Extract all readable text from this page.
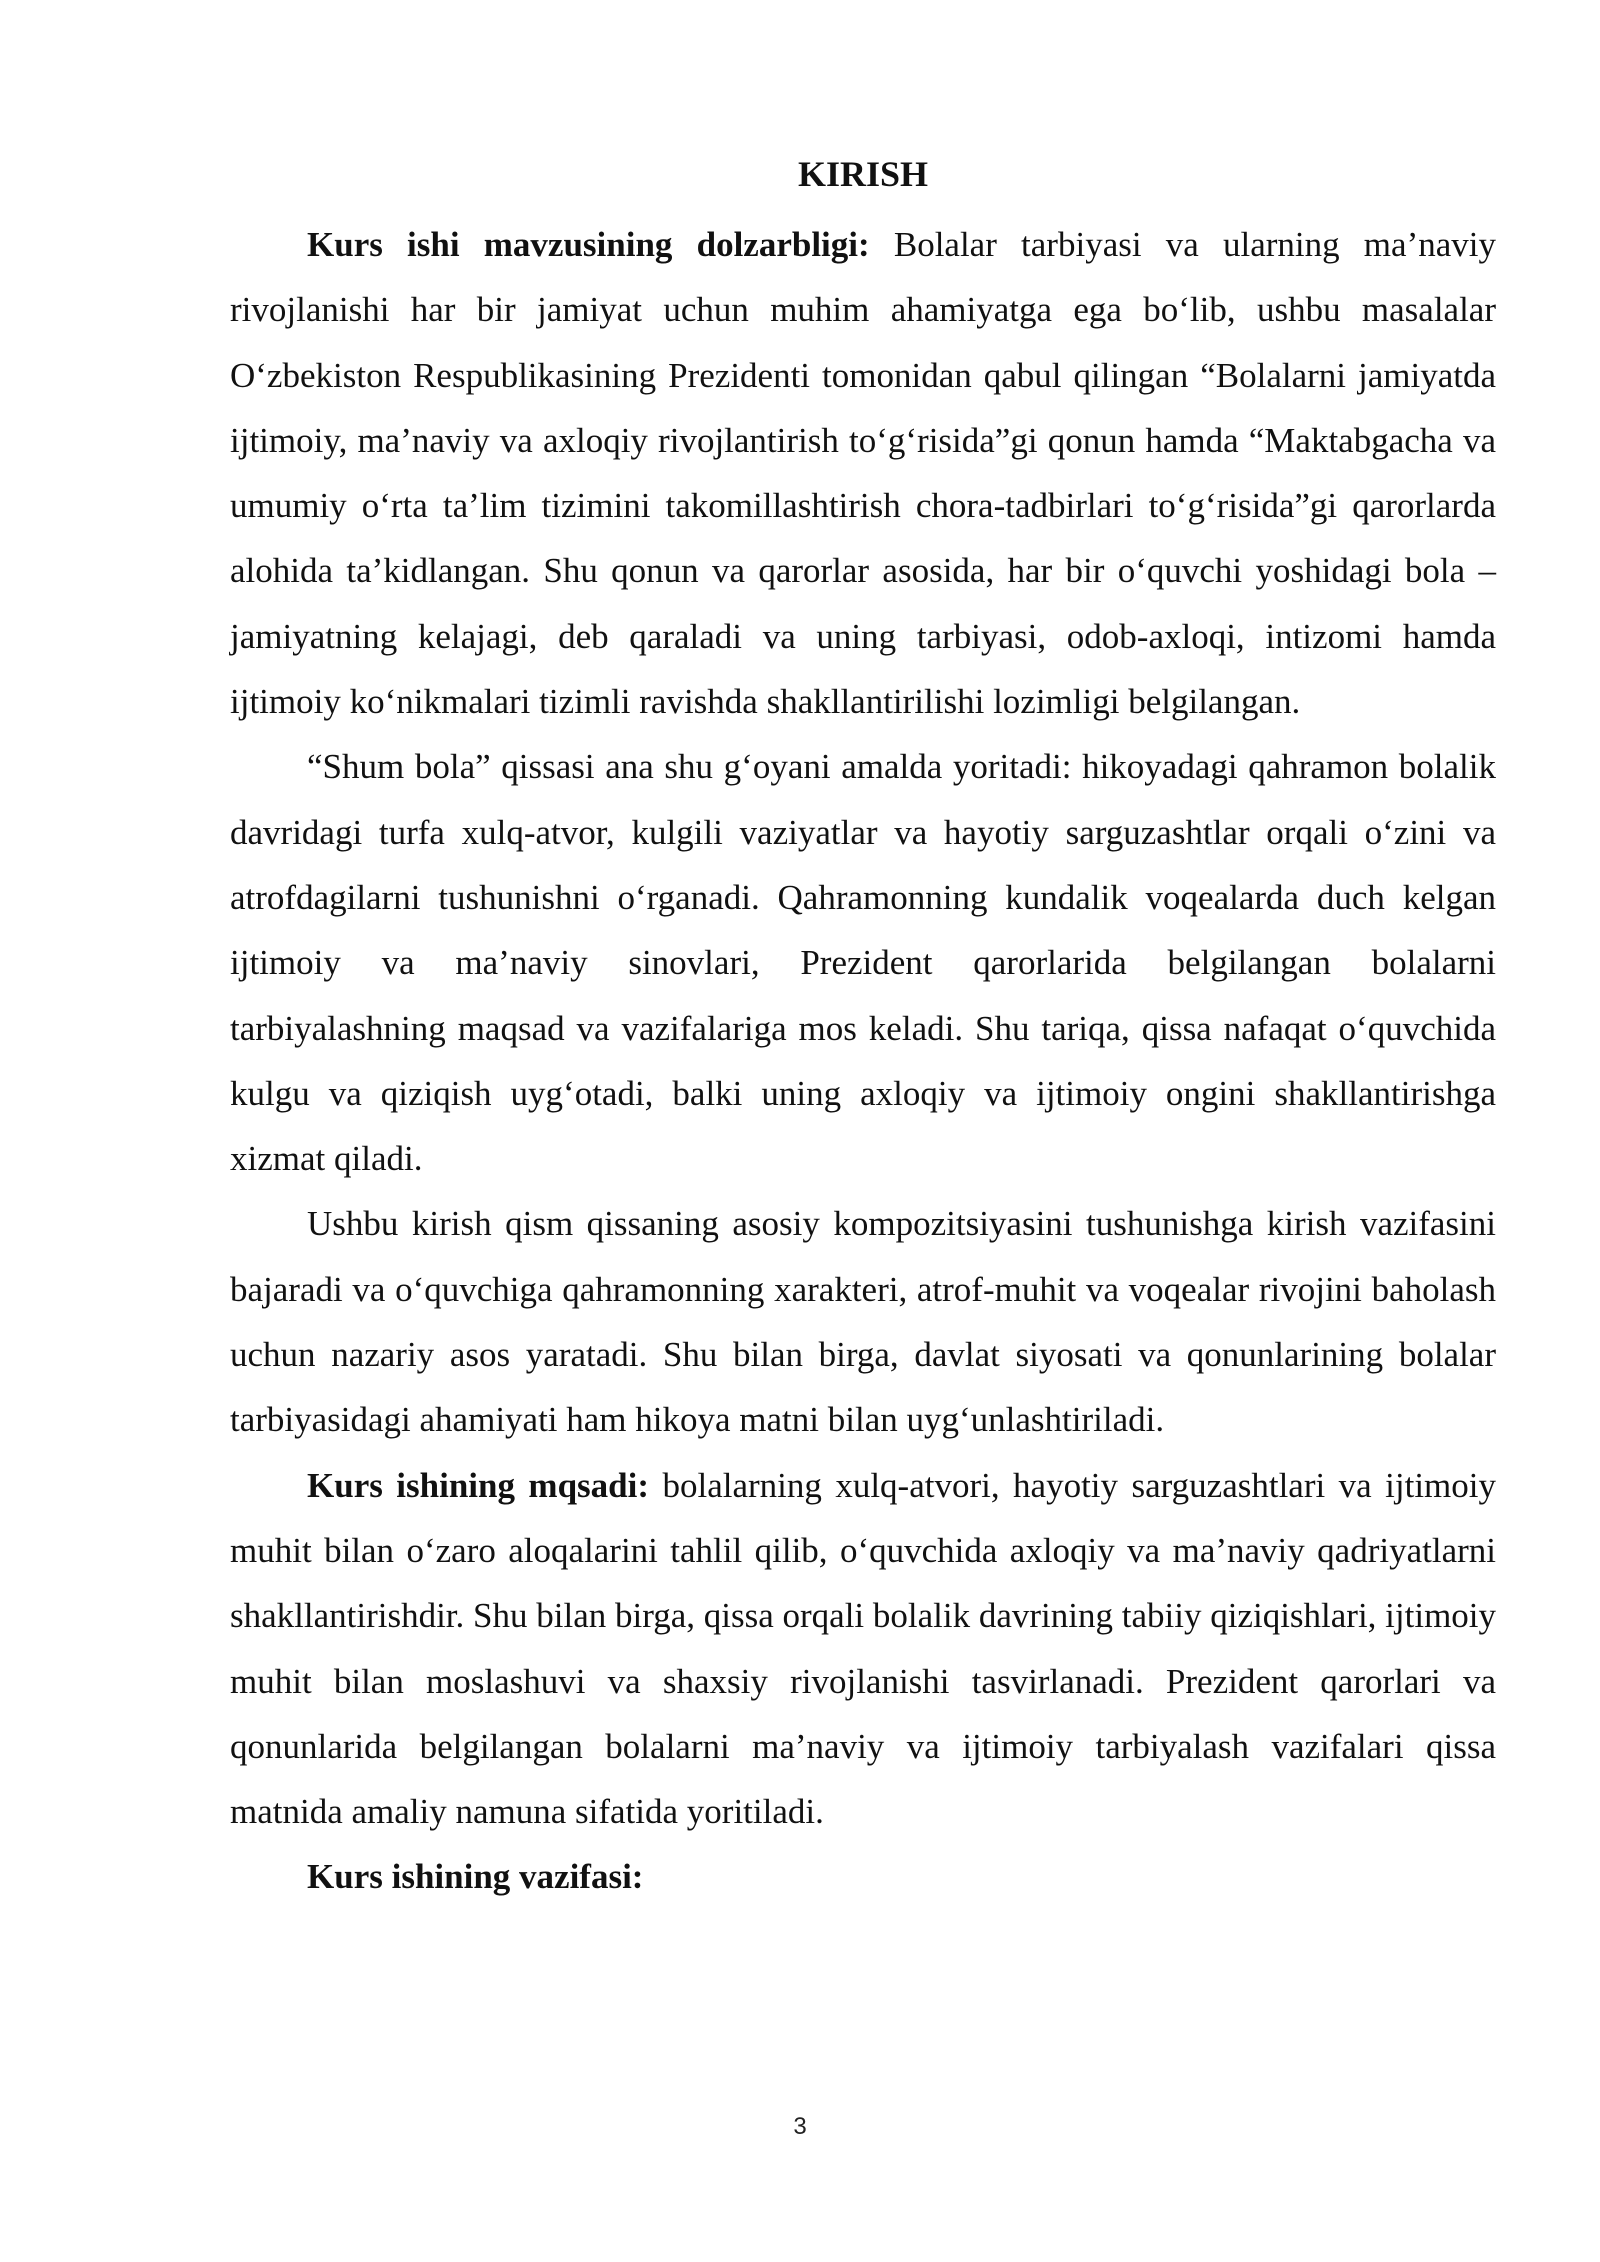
KIRISH

Kurs ishi mavzusining dolzarbligi: Bolalar tarbiyasi va ularning ma’naviy rivojlanishi har bir jamiyat uchun muhim ahamiyatga ega bo‘lib, ushbu masalalar O‘zbekiston Respublikasining Prezidenti tomonidan qabul qilingan “Bolalarni jamiyatda ijtimoiy, ma’naviy va axloqiy rivojlantirish to‘g‘risida”gi qonun hamda “Maktabgacha va umumiy o‘rta ta’lim tizimini takomillashtirish chora-tadbirlari to‘g‘risida”gi qarorlarda alohida ta’kidlangan. Shu qonun va qarorlar asosida, har bir o‘quvchi yoshidagi bola – jamiyatning kelajagi, deb qaraladi va uning tarbiyasi, odob-axloqi, intizomi hamda ijtimoiy ko‘nikmalari tizimli ravishda shakllantirilishi lozimligi belgilangan.

“Shum bola” qissasi ana shu g‘oyani amalda yoritadi: hikoyadagi qahramon bolalik davridagi turfa xulq-atvor, kulgili vaziyatlar va hayotiy sarguzashtlar orqali o‘zini va atrofdagilarni tushunishni o‘rganadi. Qahramonning kundalik voqealarda duch kelgan ijtimoiy va ma’naviy sinovlari, Prezident qarorlarida belgilangan bolalarni tarbiyalashning maqsad va vazifalariga mos keladi. Shu tariqa, qissa nafaqat o‘quvchida kulgu va qiziqish uyg‘otadi, balki uning axloqiy va ijtimoiy ongini shakllantirishga xizmat qiladi.

Ushbu kirish qism qissaning asosiy kompozitsiyasini tushunishga kirish vazifasini bajaradi va o‘quvchiga qahramonning xarakteri, atrof-muhit va voqealar rivojini baholash uchun nazariy asos yaratadi. Shu bilan birga, davlat siyosati va qonunlarining bolalar tarbiyasidagi ahamiyati ham hikoya matni bilan uyg‘unlashtiriladi.

Kurs ishining mqsadi: bolalarning xulq-atvori, hayotiy sarguzashtlari va ijtimoiy muhit bilan o‘zaro aloqalarini tahlil qilib, o‘quvchida axloqiy va ma’naviy qadriyatlarni shakllantirishdir. Shu bilan birga, qissa orqali bolalik davrining tabiiy qiziqishlari, ijtimoiy muhit bilan moslashuvi va shaxsiy rivojlanishi tasvirlanadi. Prezident qarorlari va qonunlarida belgilangan bolalarni ma’naviy va ijtimoiy tarbiyalash vazifalari qissa matnida amaliy namuna sifatida yoritiladi.

Kurs ishining vazifasi:

3
